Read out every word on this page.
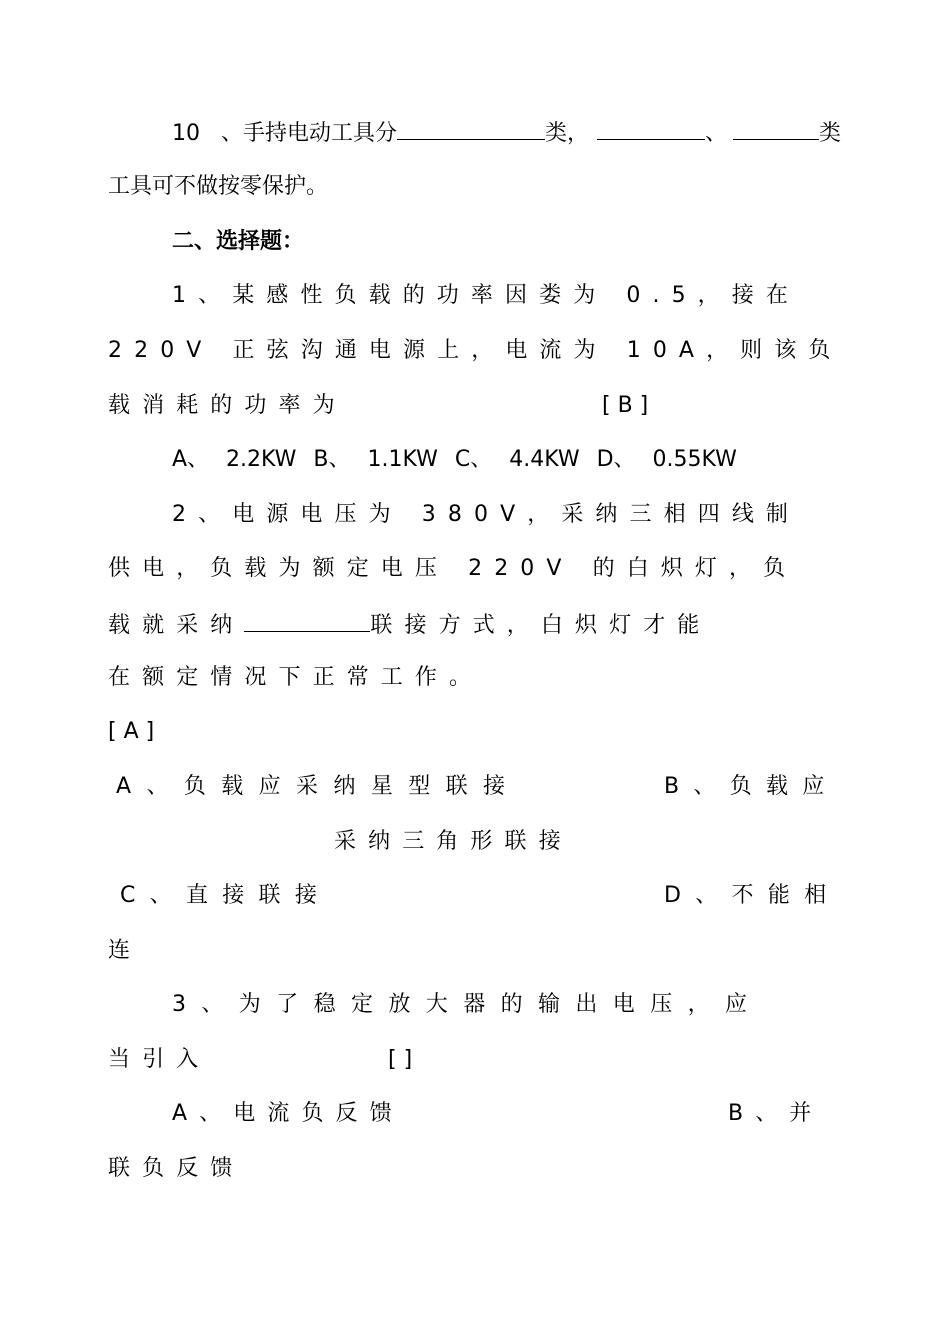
10 、手持电动工具分	类，	、	类
工具可不做按零保护。
二、选择题：
1、某感性负载的功率因娄为 0.5，接在
220V 正弦沟通电源上，电流为 10A，则该负
载消耗的功率为	[ B ]
A、 2.2KW B、 1.1KW C、 4.4KW D、 0.55KW
2、电源电压为 380V，采纳三相四线制
供电，负载为额定电压 220V 的白炽灯，负
载就采纳	联接方式，白炽灯才能
在额定情况下正常工作。
[ A ]
A、负载应采纳星型联接	B、负载应
采纳三角形联接
C、直接联接	D、不能相
连
3、为了稳定放大器的输出电压，应
当引入	[ ]
A、电流负反馈	B、并
联负反馈
